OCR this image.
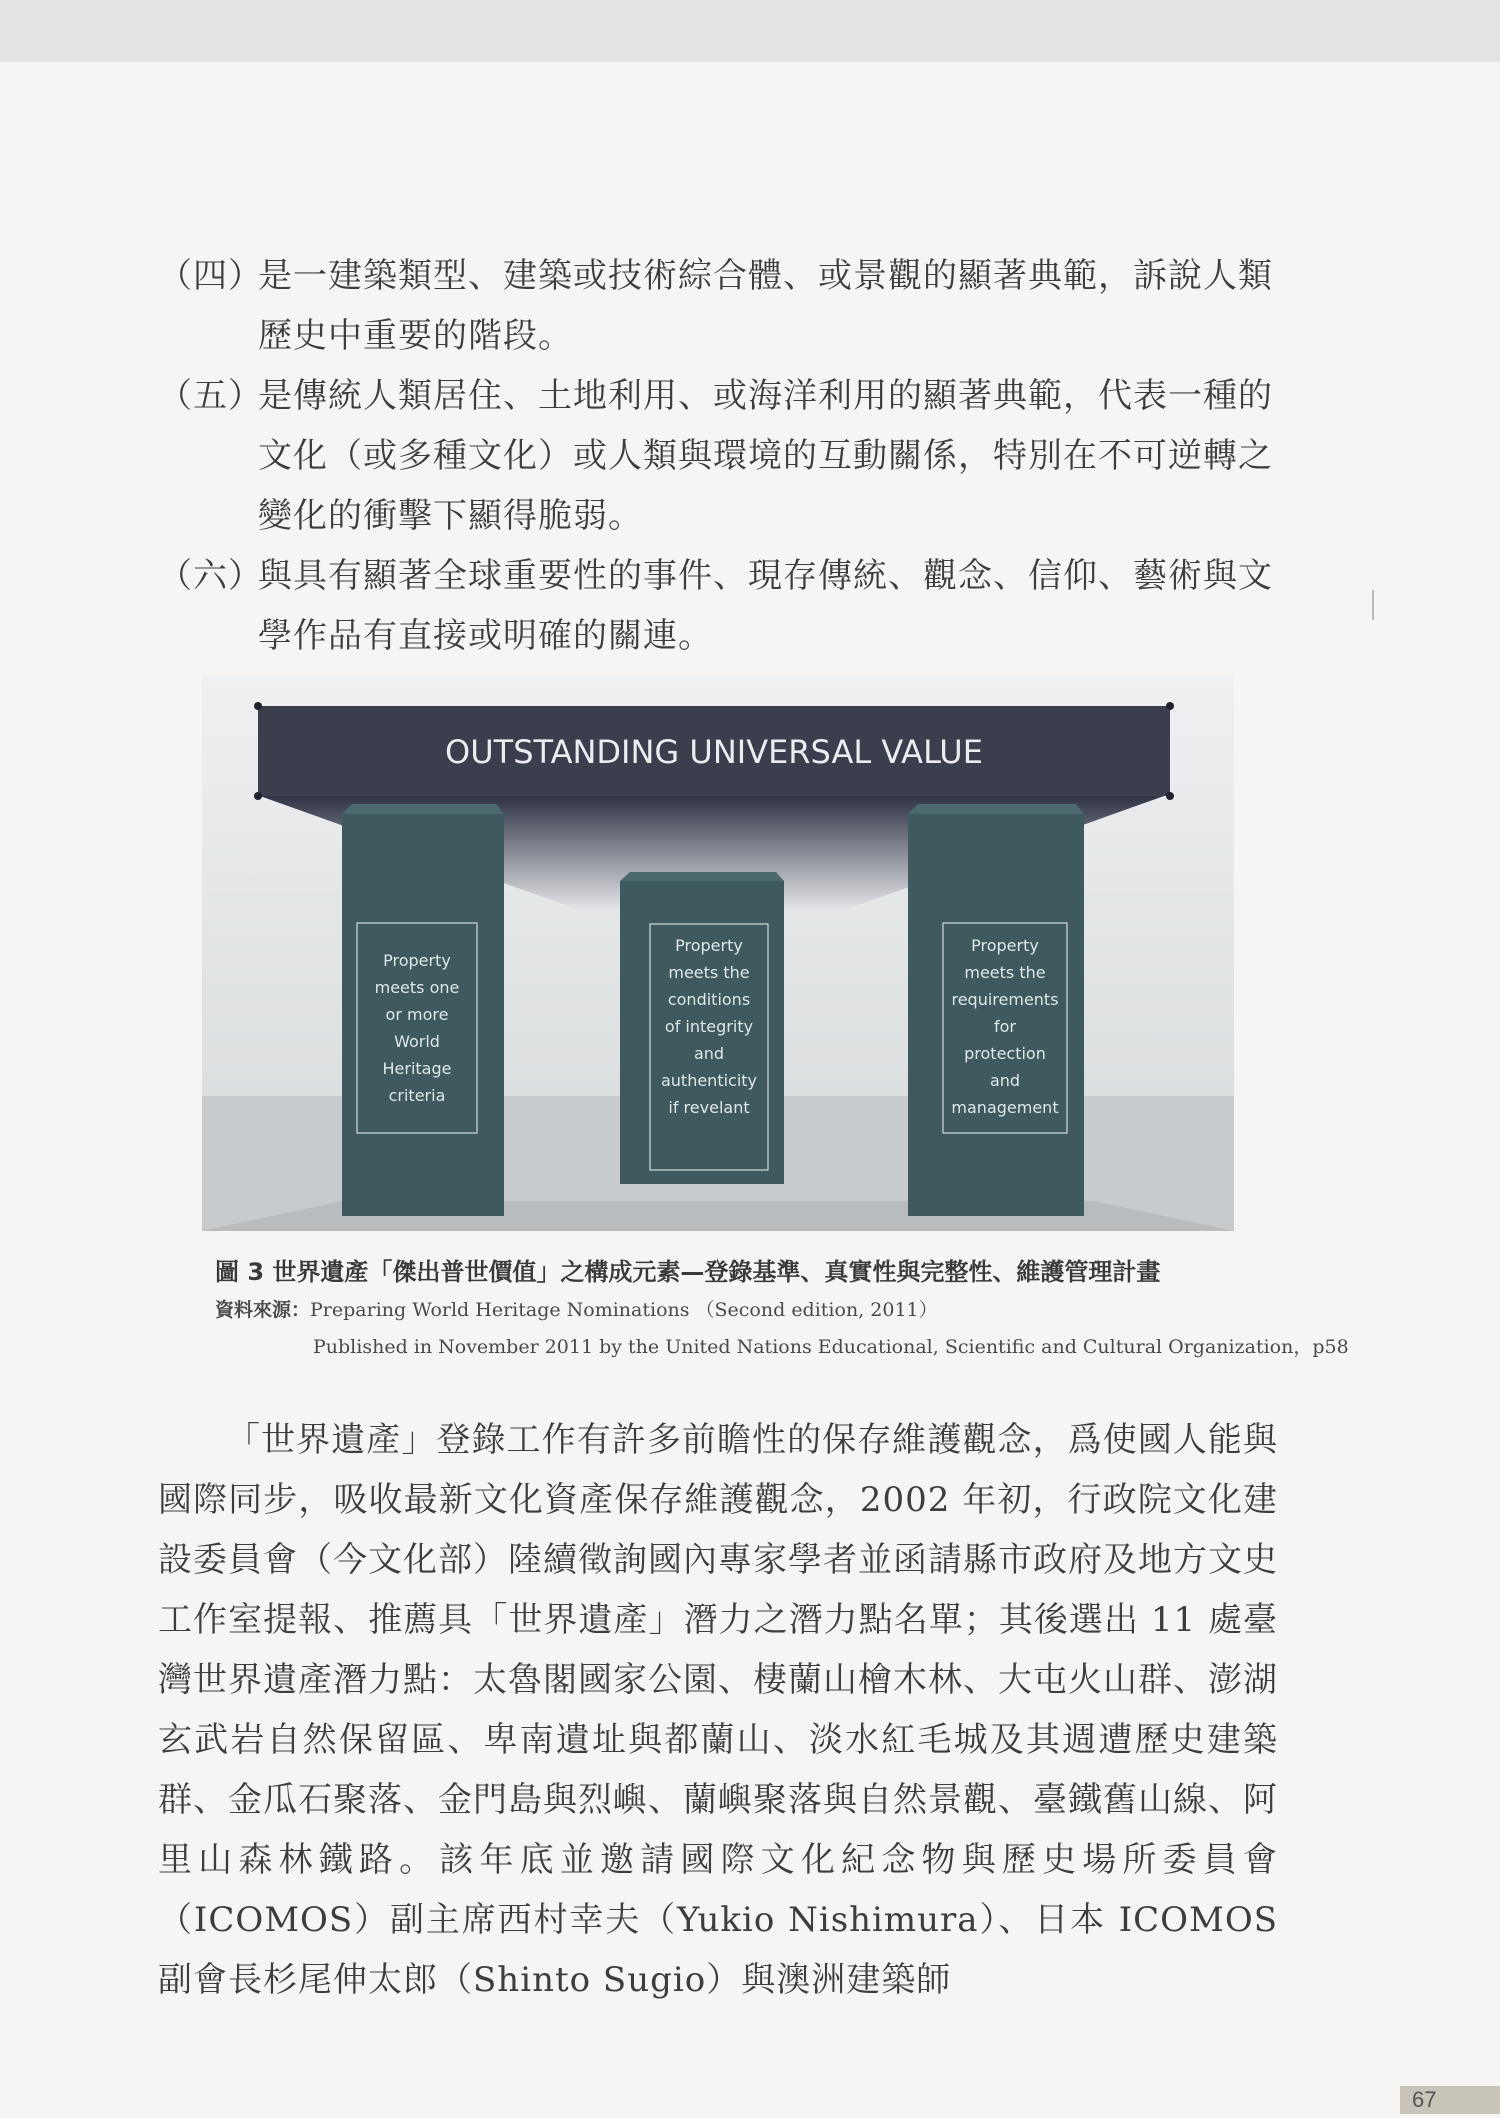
（四）
是一建築類型、建築或技術綜合體、或景觀的顯著典範，訴說人類歷史中重要的階段。
（五）
是傳統人類居住、土地利用、或海洋利用的顯著典範，代表一種的文化（或多種文化）或人類與環境的互動關係，特別在不可逆轉之變化的衝擊下顯得脆弱。
（六）
與具有顯著全球重要性的事件、現存傳統、觀念、信仰、藝術與文學作品有直接或明確的關連。
OUTSTANDING UNIVERSAL VALUE
Property
meets one
or more
World
Heritage
criteria
Property
meets the
conditions
of integrity
and
authenticity
if revelant
Property
meets the
requirements
for
protection
and
management
圖 3 世界遺產「傑出普世價值」之構成元素—登錄基準、真實性與完整性、維護管理計畫
資料來源：Preparing World Heritage Nominations （Second edition, 2011）
Published in November 2011 by the United Nations Educational, Scientific and Cultural Organization，p58

「世界遺產」登錄工作有許多前瞻性的保存維護觀念，爲使國人能與國際同步，吸收最新文化資產保存維護觀念，2002 年初，行政院文化建設委員會（今文化部）陸續徵詢國內專家學者並函請縣市政府及地方文史工作室提報、推薦具「世界遺產」潛力之潛力點名單；其後選出 11 處臺灣世界遺產潛力點：太魯閣國家公園、棲蘭山檜木林、大屯火山群、澎湖玄武岩自然保留區、卑南遺址與都蘭山、淡水紅毛城及其週遭歷史建築群、金瓜石聚落、金門島與烈嶼、蘭嶼聚落與自然景觀、臺鐵舊山線、阿里山森林鐵路。該年底並邀請國際文化紀念物與歷史場所委員會（ICOMOS）副主席西村幸夫（Yukio Nishimura）、日本 ICOMOS 副會長杉尾伸太郎（Shinto Sugio）與澳洲建築師

67
